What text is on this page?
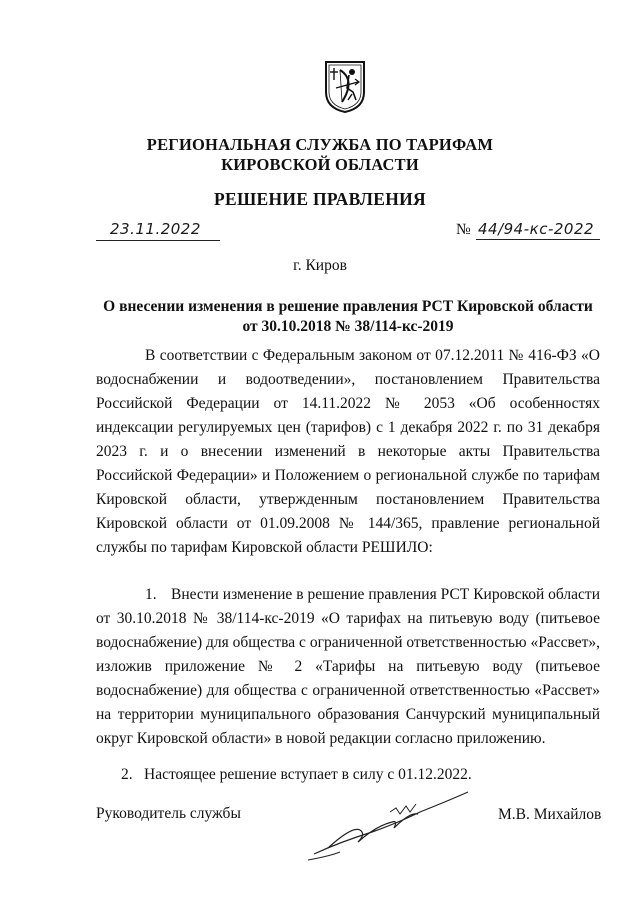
РЕГИОНАЛЬНАЯ СЛУЖБА ПО ТАРИФАМ
КИРОВСКОЙ ОБЛАСТИ
РЕШЕНИЕ ПРАВЛЕНИЯ
23.11.2022	№ 44/94-кс-2022
г. Киров
О внесении изменения в решение правления РСТ Кировской области от 30.10.2018 № 38/114-кс-2019
В соответствии с Федеральным законом от 07.12.2011 № 416-ФЗ «О водоснабжении и водоотведении», постановлением Правительства Российской Федерации от 14.11.2022 № 2053 «Об особенностях индексации регулируемых цен (тарифов) с 1 декабря 2022 г. по 31 декабря 2023 г. и о внесении изменений в некоторые акты Правительства Российской Федерации» и Положением о региональной службе по тарифам Кировской области, утвержденным постановлением Правительства Кировской области от 01.09.2008 № 144/365, правление региональной службы по тарифам Кировской области РЕШИЛО:
1. Внести изменение в решение правления РСТ Кировской области от 30.10.2018 № 38/114-кс-2019 «О тарифах на питьевую воду (питьевое водоснабжение) для общества с ограниченной ответственностью «Рассвет», изложив приложение № 2 «Тарифы на питьевую воду (питьевое водоснабжение) для общества с ограниченной ответственностью «Рассвет» на территории муниципального образования Санчурский муниципальный округ Кировской области» в новой редакции согласно приложению.
2. Настоящее решение вступает в силу с 01.12.2022.
Руководитель службы	М.В. Михайлов
